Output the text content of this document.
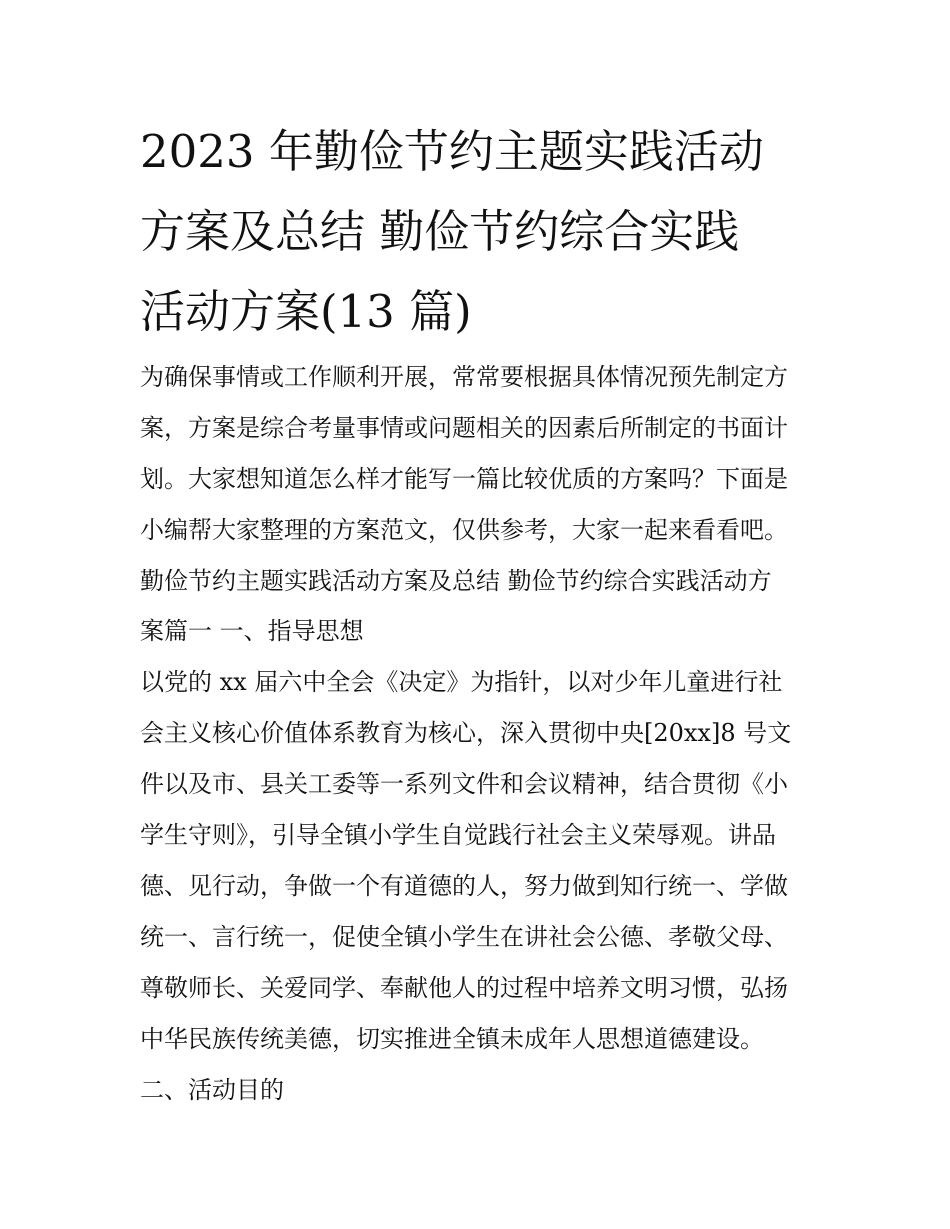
2023 年勤俭节约主题实践活动
方案及总结 勤俭节约综合实践
活动方案(13 篇)
为确保事情或工作顺利开展，常常要根据具体情况预先制定方
案，方案是综合考量事情或问题相关的因素后所制定的书面计
划。大家想知道怎么样才能写一篇比较优质的方案吗？下面是
小编帮大家整理的方案范文，仅供参考，大家一起来看看吧。
勤俭节约主题实践活动方案及总结 勤俭节约综合实践活动方
案篇一 一、指导思想
以党的 xx 届六中全会《决定》为指针，以对少年儿童进行社
会主义核心价值体系教育为核心，深入贯彻中央[20xx]8 号文
件以及市、县关工委等一系列文件和会议精神，结合贯彻《小
学生守则》，引导全镇小学生自觉践行社会主义荣辱观。讲品
德、见行动，争做一个有道德的人，努力做到知行统一、学做
统一、言行统一，促使全镇小学生在讲社会公德、孝敬父母、
尊敬师长、关爱同学、奉献他人的过程中培养文明习惯，弘扬
中华民族传统美德，切实推进全镇未成年人思想道德建设。
二、活动目的
